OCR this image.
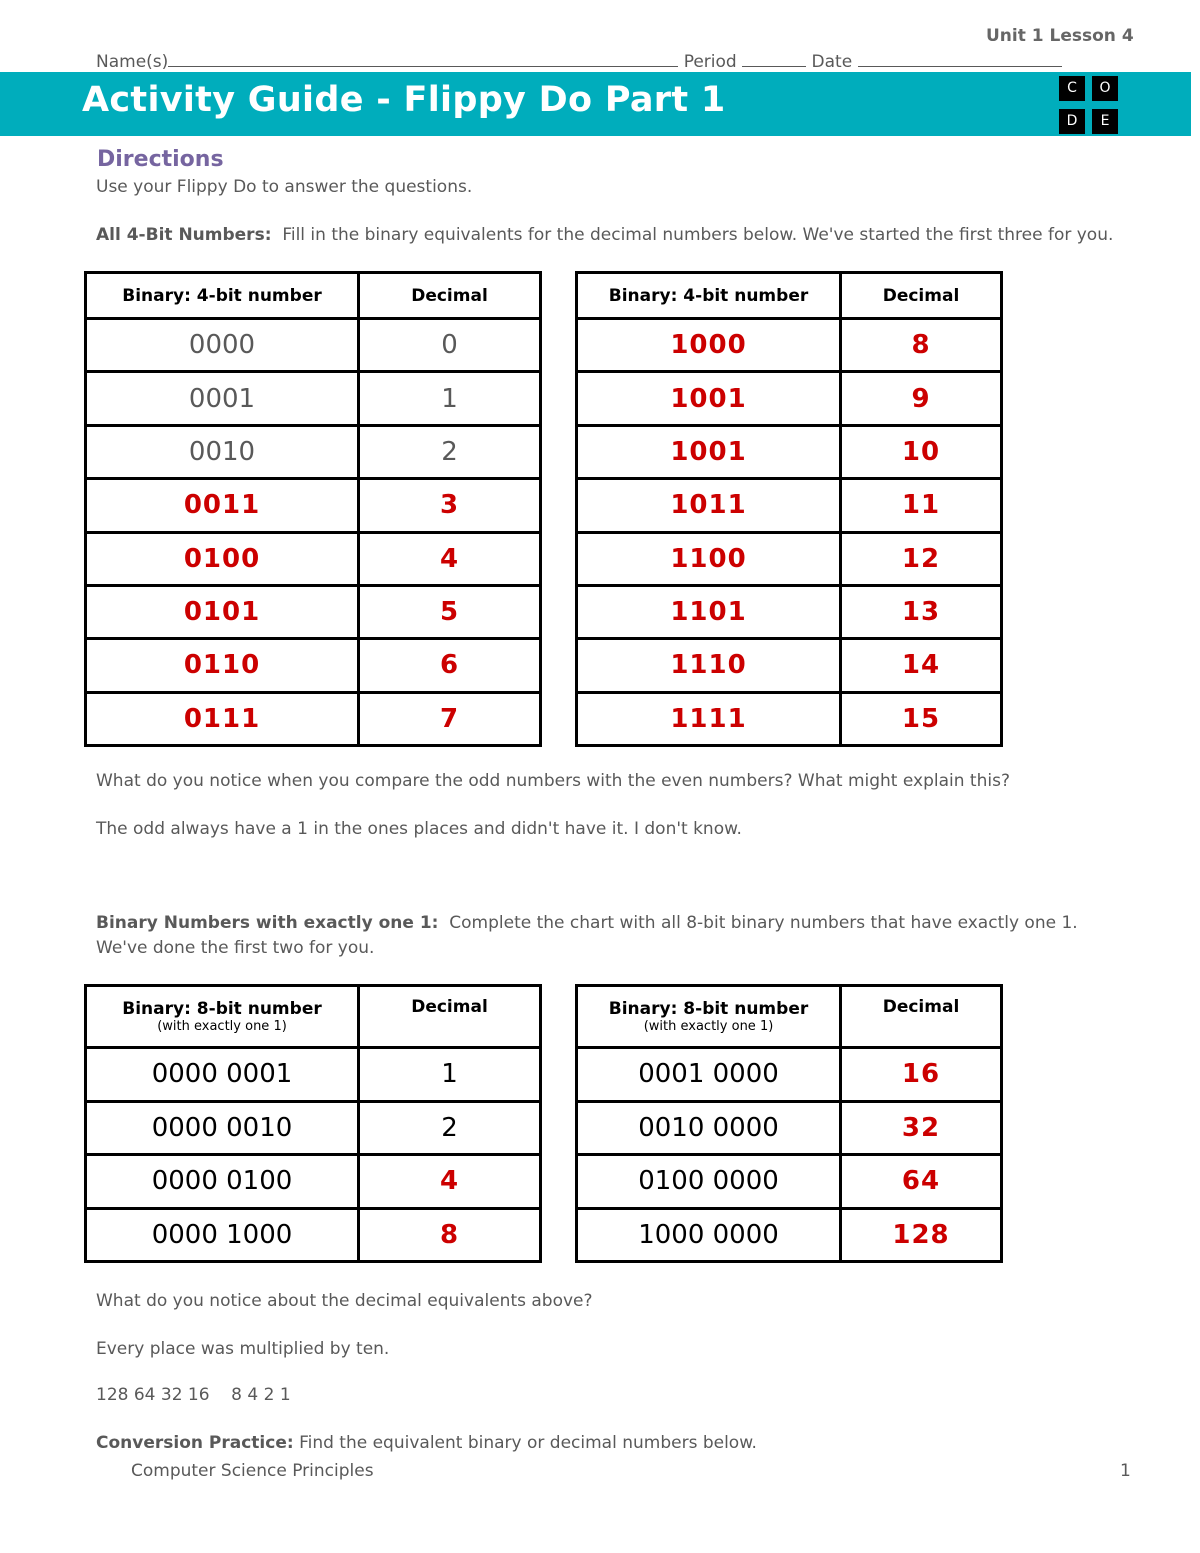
Unit 1 Lesson 4
Name(s)	Period	Date
Activity Guide - Flippy Do Part 1	C	O
D	E
Directions
Use your Flippy Do to answer the questions.
All 4-Bit Numbers: Fill in the binary equivalents for the decimal numbers below. We've started the first three for you.
Binary: 4-bit number	Decimal
0000	0
0001	1
0010	2
0011	3
0100	4
0101	5
0110	6
0111	7
Binary: 4-bit number	Decimal
1000	8
1001	9
1001	10
1011	11
1100	12
1101	13
1110	14
1111	15
What do you notice when you compare the odd numbers with the even numbers? What might explain this?
The odd always have a 1 in the ones places and didn't have it. I don't know.
Binary Numbers with exactly one 1: Complete the chart with all 8-bit binary numbers that have exactly one 1.
We've done the first two for you.
Binary: 8-bit number
(with exactly one 1)	Decimal
0000 0001	1
0000 0010	2
0000 0100	4
0000 1000	8
Binary: 8-bit number
(with exactly one 1)	Decimal
0001 0000	16
0010 0000	32
0100 0000	64
1000 0000	128
What do you notice about the decimal equivalents above?
Every place was multiplied by ten.
128 64 32 16    8 4 2 1
Conversion Practice: Find the equivalent binary or decimal numbers below.
Computer Science Principles	1
